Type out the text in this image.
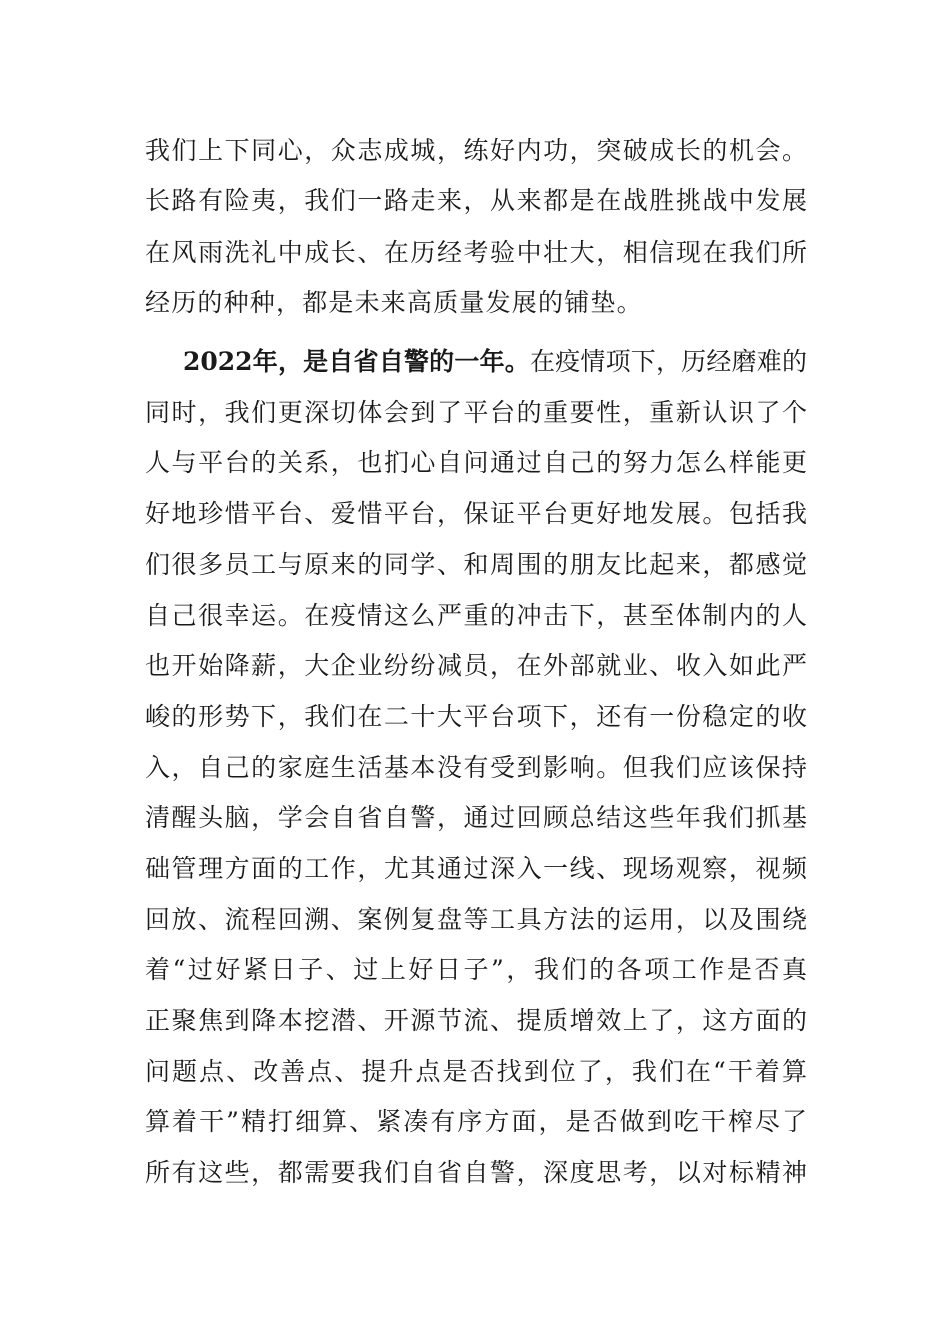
我们上下同心，众志成城，练好内功，突破成长的机会。
长路有险夷，我们一路走来，从来都是在战胜挑战中发展
在风雨洗礼中成长、在历经考验中壮大，相信现在我们所
经历的种种，都是未来高质量发展的铺垫。
2022年，是自省自警的一年。在疫情项下，历经磨难的
同时，我们更深切体会到了平台的重要性，重新认识了个
人与平台的关系，也扪心自问通过自己的努力怎么样能更
好地珍惜平台、爱惜平台，保证平台更好地发展。包括我
们很多员工与原来的同学、和周围的朋友比起来，都感觉
自己很幸运。在疫情这么严重的冲击下，甚至体制内的人
也开始降薪，大企业纷纷减员，在外部就业、收入如此严
峻的形势下，我们在二十大平台项下，还有一份稳定的收
入，自己的家庭生活基本没有受到影响。但我们应该保持
清醒头脑，学会自省自警，通过回顾总结这些年我们抓基
础管理方面的工作，尤其通过深入一线、现场观察，视频
回放、流程回溯、案例复盘等工具方法的运用，以及围绕
着“过好紧日子、过上好日子”，我们的各项工作是否真
正聚焦到降本挖潜、开源节流、提质增效上了，这方面的
问题点、改善点、提升点是否找到位了，我们在“干着算
算着干”精打细算、紧凑有序方面，是否做到吃干榨尽了
所有这些，都需要我们自省自警，深度思考，以对标精神
